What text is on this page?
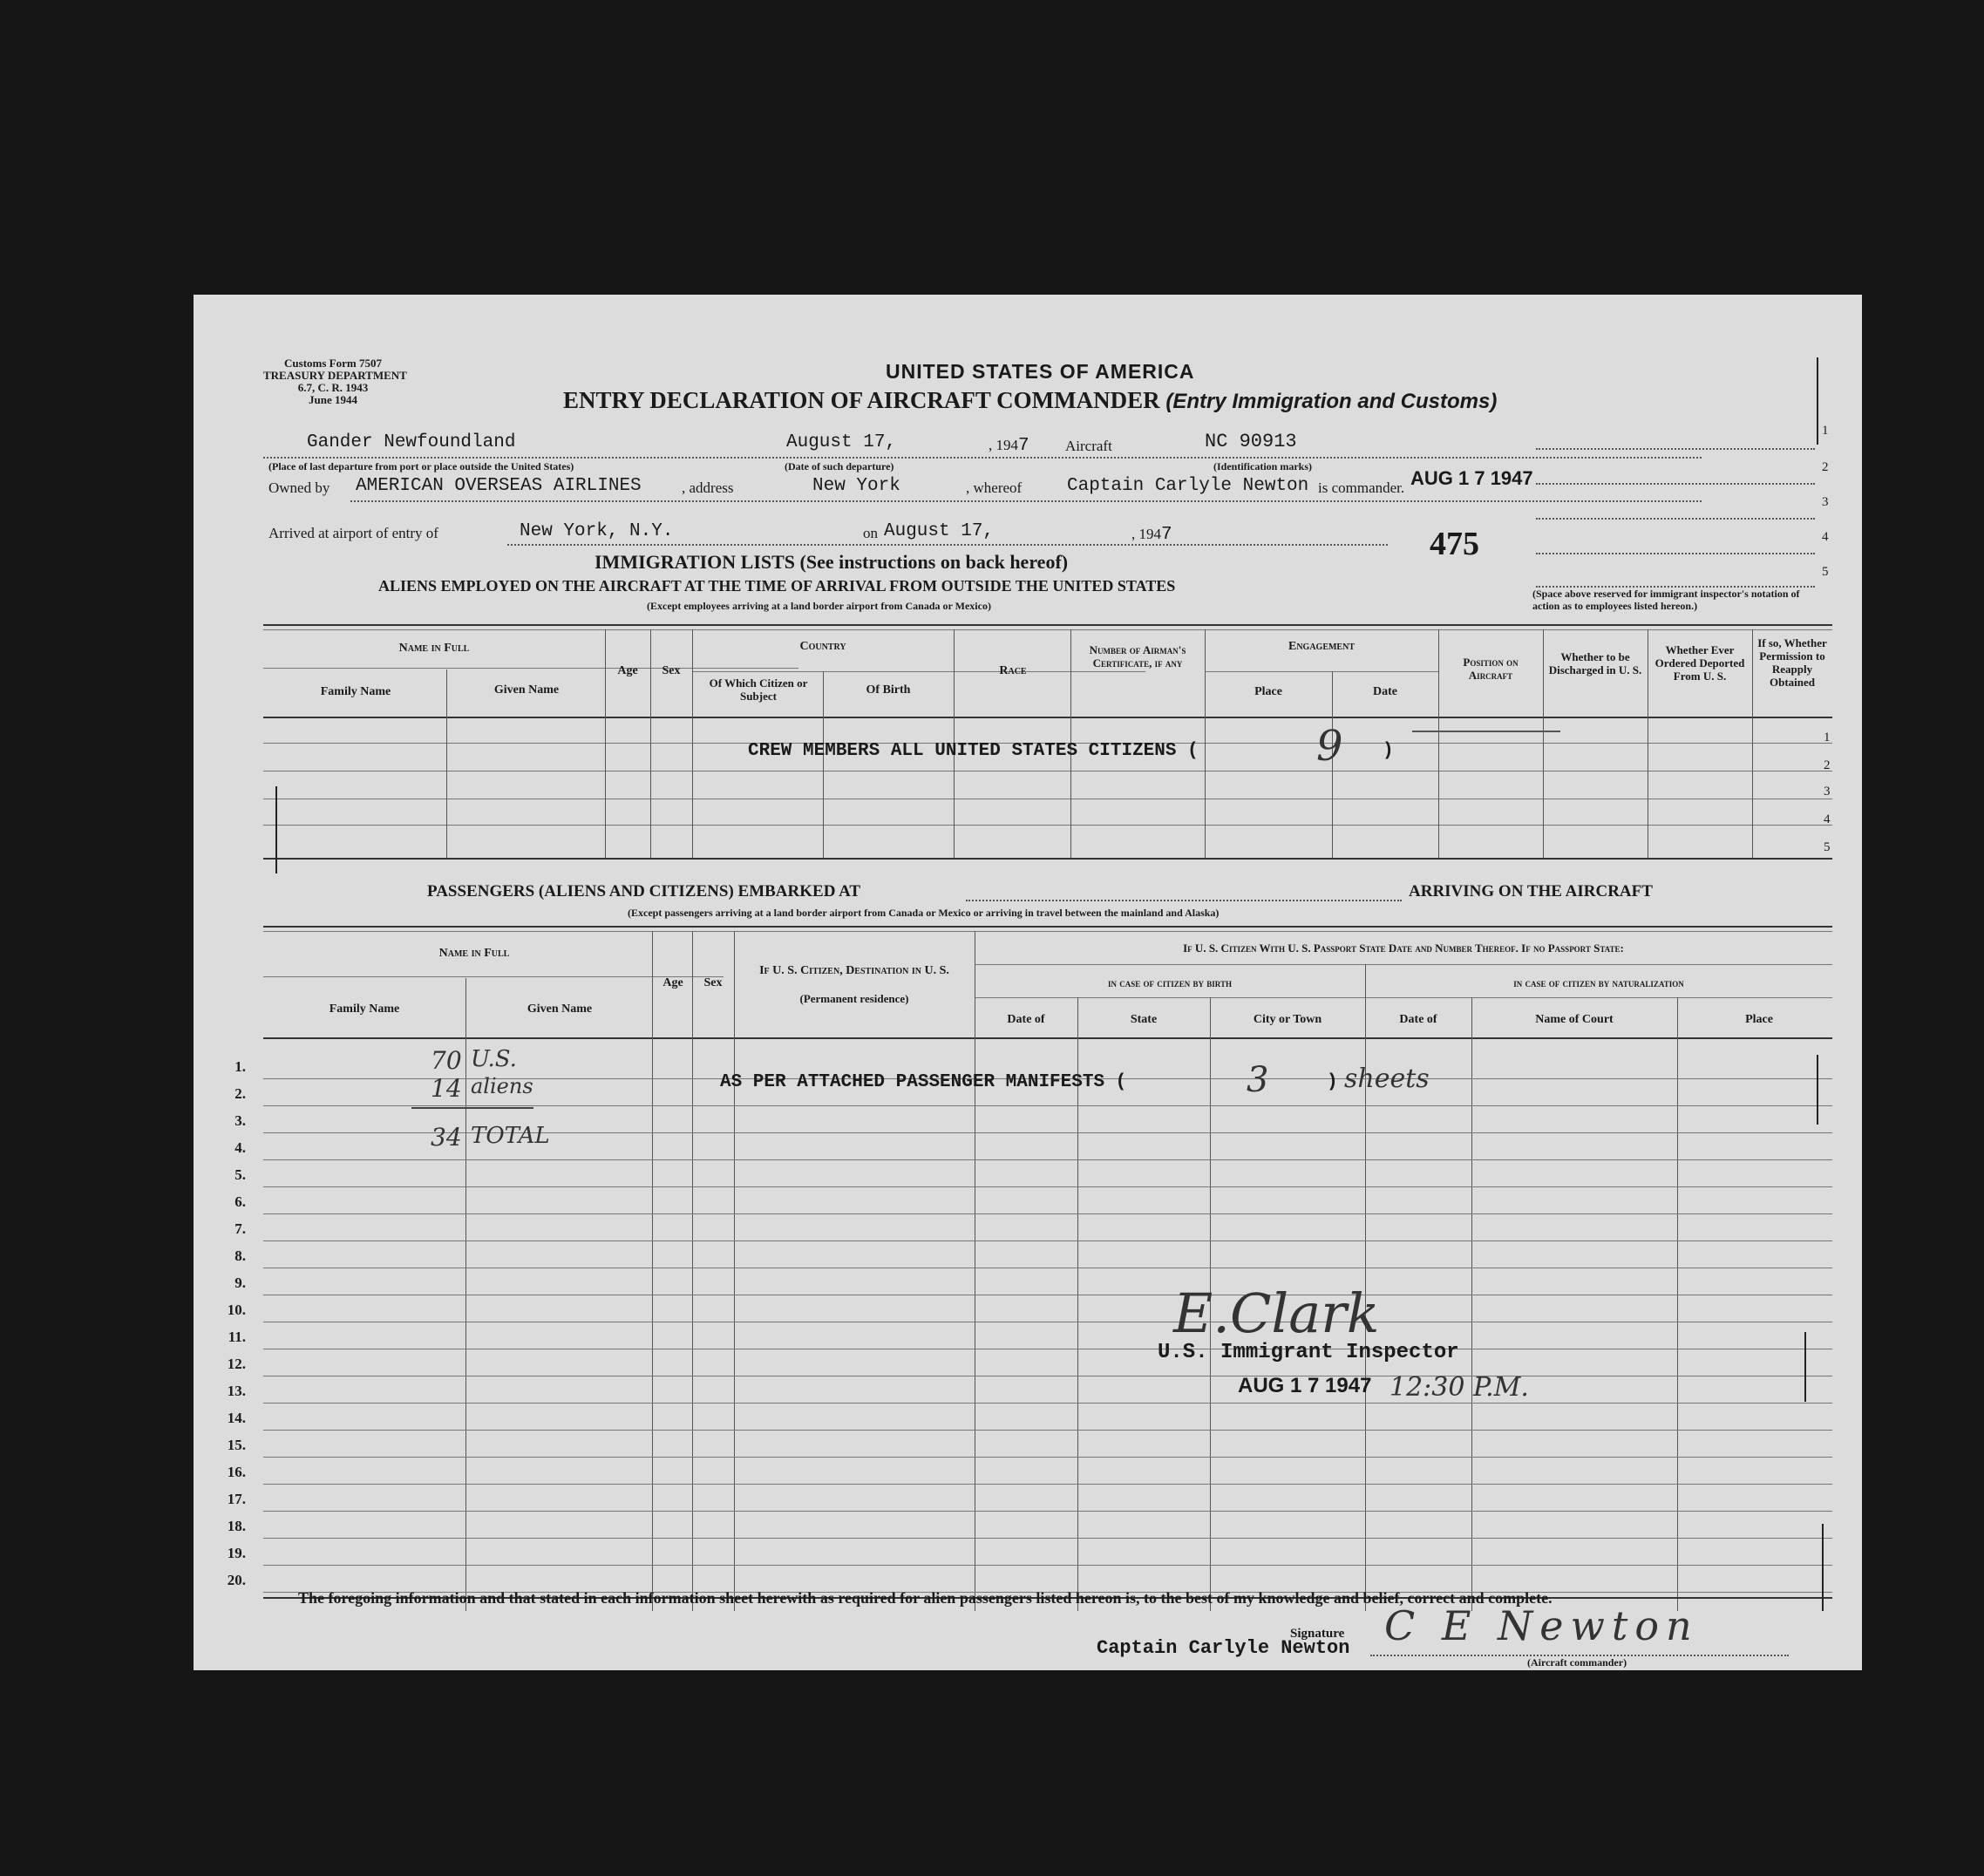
Customs Form 7507
TREASURY DEPARTMENT
6.7, C. R. 1943
June 1944
UNITED STATES OF AMERICA
ENTRY DECLARATION OF AIRCRAFT COMMANDER (Entry Immigration and Customs)
Gander Newfoundland	August 17,	, 1947 Aircraft	NC 90913
(Place of last departure from port or place outside the United States)	(Date of such departure)	(Identification marks)
Owned by AMERICAN OVERSEAS AIRLINES	, address	New York	, whereof Captain Carlyle Newton is commander. AUG 1 7 1947
Arrived at airport of entry of	New York, N.Y.	on August 17,	, 1947	475
1
2
3
4
5
(Space above reserved for immigrant inspector's notation of action as to employees listed hereon.)
IMMIGRATION LISTS (See instructions on back hereof)
ALIENS EMPLOYED ON THE AIRCRAFT AT THE TIME OF ARRIVAL FROM OUTSIDE THE UNITED STATES
(Except employees arriving at a land border airport from Canada or Mexico)
Name in Full
Family Name	Given Name
Age	Sex
Country
Of Which Citizen or Subject	Of Birth
Race
Number of Airman's Certificate, if any
Engagement
Place	Date
Position on Aircraft
Whether to be Discharged in U. S.
Whether Ever Ordered Deported From U. S.
If so, Whether Permission to Reapply Obtained
CREW MEMBERS ALL UNITED STATES CITIZENS (	9 )
1
2
3
4
5
PASSENGERS (ALIENS AND CITIZENS) EMBARKED AT	ARRIVING ON THE AIRCRAFT
(Except passengers arriving at a land border airport from Canada or Mexico or arriving in travel between the mainland and Alaska)
Name in Full
Family Name	Given Name
Age	Sex
If U. S. Citizen, Destination in U. S.
(Permanent residence)
If U. S. Citizen With U. S. Passport State Date and Number Thereof. If no Passport State:
in case of citizen by birth	in case of citizen by naturalization
Date of	State	City or Town	Date of	Name of Court	Place
1.
2.
3.
4.
5.
6.
7.
8.
9.
10.
11.
12.
13.
14.
15.
16.
17.
18.
19.
20.
AS PER ATTACHED PASSENGER MANIFESTS (	3	) sheets
70 U.S.
14 aliens
34 TOTAL
E.Clark
U.S. Immigrant Inspector
AUG 1 7 1947 12:30 P.M.
The foregoing information and that stated in each information sheet herewith as required for alien passengers listed hereon is, to the best of my knowledge and belief, correct and complete.
Captain Carlyle Newton
Signature C E Newton
(Aircraft commander)
